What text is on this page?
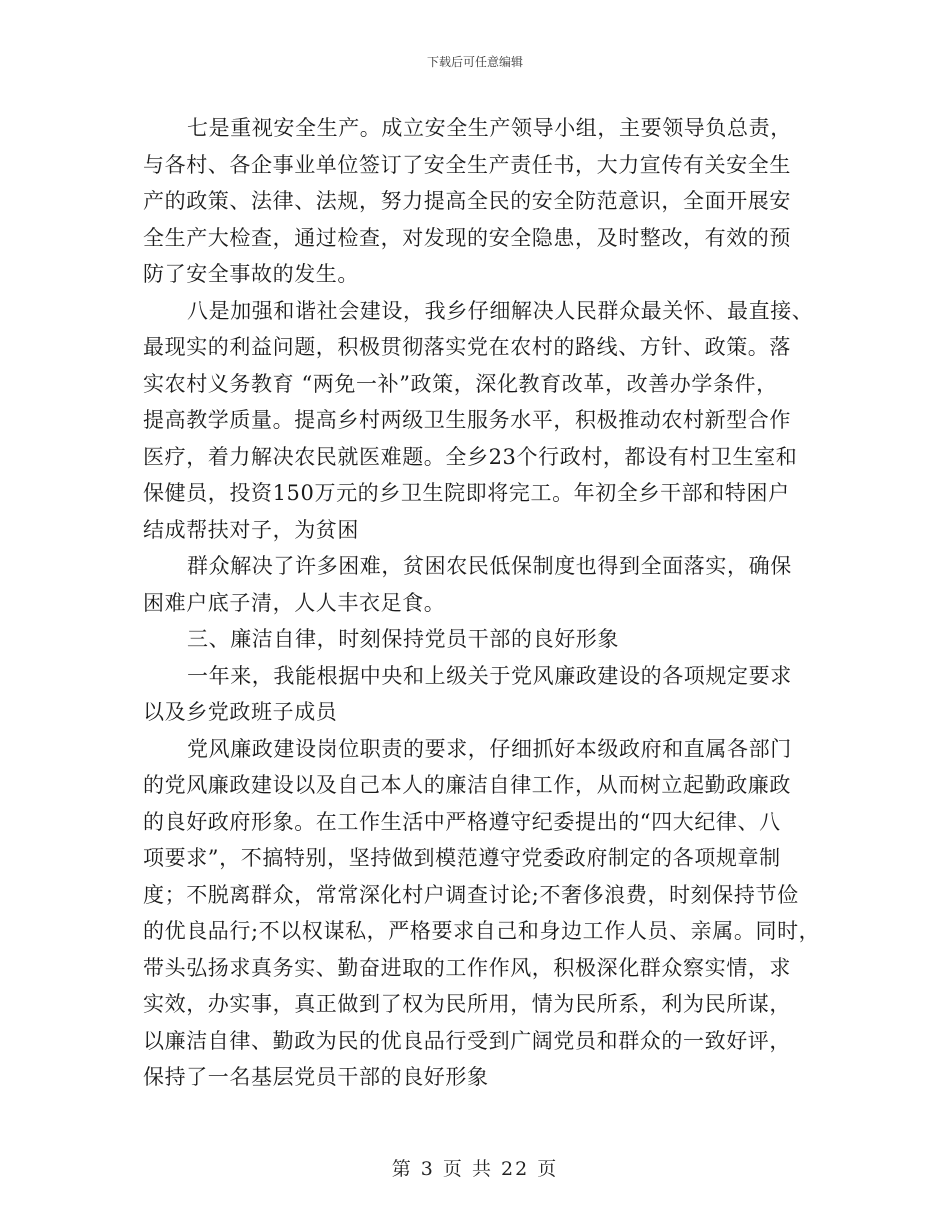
下载后可任意编辑
七是重视安全生产。成立安全生产领导小组，主要领导负总责，
与各村、各企事业单位签订了安全生产责任书，大力宣传有关安全生
产的政策、法律、法规，努力提高全民的安全防范意识，全面开展安
全生产大检查，通过检查，对发现的安全隐患，及时整改，有效的预
防了安全事故的发生。
八是加强和谐社会建设，我乡仔细解决人民群众最关怀、最直接、
最现实的利益问题，积极贯彻落实党在农村的路线、方针、政策。落
实农村义务教育 “两免一补”政策，深化教育改革，改善办学条件，
提高教学质量。提高乡村两级卫生服务水平，积极推动农村新型合作
医疗，着力解决农民就医难题。全乡23个行政村，都设有村卫生室和
保健员，投资150万元的乡卫生院即将完工。年初全乡干部和特困户
结成帮扶对子，为贫困
群众解决了许多困难，贫困农民低保制度也得到全面落实，确保
困难户底子清，人人丰衣足食。
三、廉洁自律，时刻保持党员干部的良好形象
一年来，我能根据中央和上级关于党风廉政建设的各项规定要求
以及乡党政班子成员
党风廉政建设岗位职责的要求，仔细抓好本级政府和直属各部门
的党风廉政建设以及自己本人的廉洁自律工作，从而树立起勤政廉政
的良好政府形象。在工作生活中严格遵守纪委提出的“四大纪律、八
项要求”，不搞特别，坚持做到模范遵守党委政府制定的各项规章制
度；不脱离群众，常常深化村户调查讨论;不奢侈浪费，时刻保持节俭
的优良品行;不以权谋私，严格要求自己和身边工作人员、亲属。同时，
带头弘扬求真务实、勤奋进取的工作作风，积极深化群众察实情，求
实效，办实事，真正做到了权为民所用，情为民所系，利为民所谋，
以廉洁自律、勤政为民的优良品行受到广阔党员和群众的一致好评，
保持了一名基层党员干部的良好形象
第 3 页 共 22 页
